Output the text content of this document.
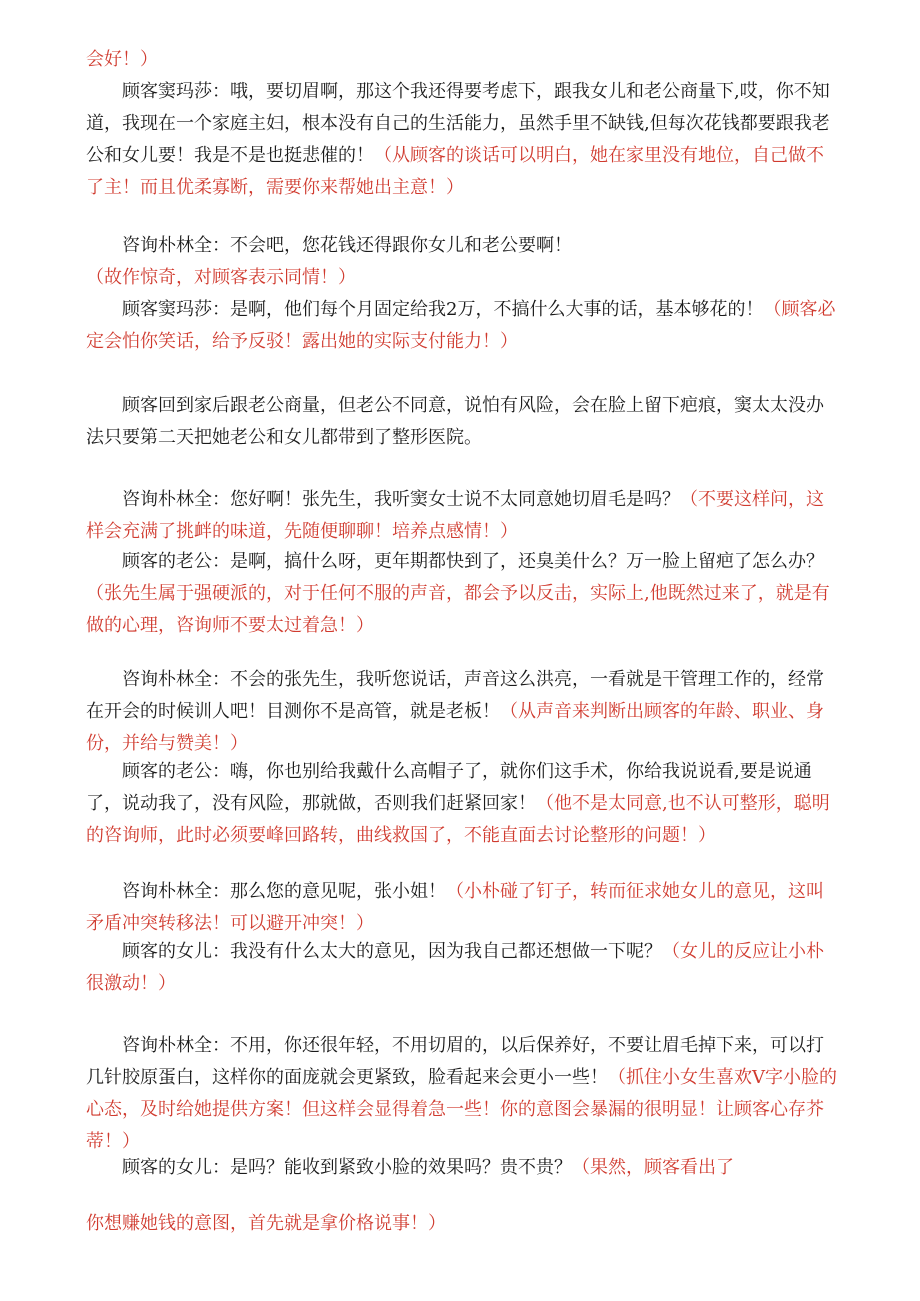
会好！）

顾客窦玛莎：哦，要切眉啊，那这个我还得要考虑下，跟我女儿和老公商量下,哎，你不知道，我现在一个家庭主妇，根本没有自己的生活能力，虽然手里不缺钱,但每次花钱都要跟我老公和女儿要！我是不是也挺悲催的！（从顾客的谈话可以明白，她在家里没有地位，自己做不了主！而且优柔寡断，需要你来帮她出主意！）

咨询朴林全：不会吧，您花钱还得跟你女儿和老公要啊！（故作惊奇，对顾客表示同情！）

顾客窦玛莎：是啊，他们每个月固定给我2万，不搞什么大事的话，基本够花的！（顾客必定会怕你笑话，给予反驳！露出她的实际支付能力！）

顾客回到家后跟老公商量，但老公不同意，说怕有风险，会在脸上留下疤痕，窦太太没办法只要第二天把她老公和女儿都带到了整形医院。

咨询朴林全：您好啊！张先生，我听窦女士说不太同意她切眉毛是吗？（不要这样问，这样会充满了挑衅的味道，先随便聊聊！培养点感情！）

顾客的老公：是啊，搞什么呀，更年期都快到了，还臭美什么？万一脸上留疤了怎么办？（张先生属于强硬派的，对于任何不服的声音，都会予以反击，实际上,他既然过来了，就是有做的心理，咨询师不要太过着急！）

咨询朴林全：不会的张先生，我听您说话，声音这么洪亮，一看就是干管理工作的，经常在开会的时候训人吧！目测你不是高管，就是老板！（从声音来判断出顾客的年龄、职业、身份，并给与赞美！）

顾客的老公：嗨，你也别给我戴什么高帽子了，就你们这手术，你给我说说看,要是说通了，说动我了，没有风险，那就做，否则我们赶紧回家！（他不是太同意,也不认可整形，聪明的咨询师，此时必须要峰回路转，曲线救国了，不能直面去讨论整形的问题！）

咨询朴林全：那么您的意见呢，张小姐！（小朴碰了钉子，转而征求她女儿的意见，这叫矛盾冲突转移法！可以避开冲突！）

顾客的女儿：我没有什么太大的意见，因为我自己都还想做一下呢？（女儿的反应让小朴很激动！）

咨询朴林全：不用，你还很年轻，不用切眉的，以后保养好，不要让眉毛掉下来，可以打几针胶原蛋白，这样你的面庞就会更紧致，脸看起来会更小一些！（抓住小女生喜欢V字小脸的心态，及时给她提供方案！但这样会显得着急一些！你的意图会暴漏的很明显！让顾客心存芥蒂！）

顾客的女儿：是吗？能收到紧致小脸的效果吗？贵不贵？（果然，顾客看出了

你想赚她钱的意图，首先就是拿价格说事！）
